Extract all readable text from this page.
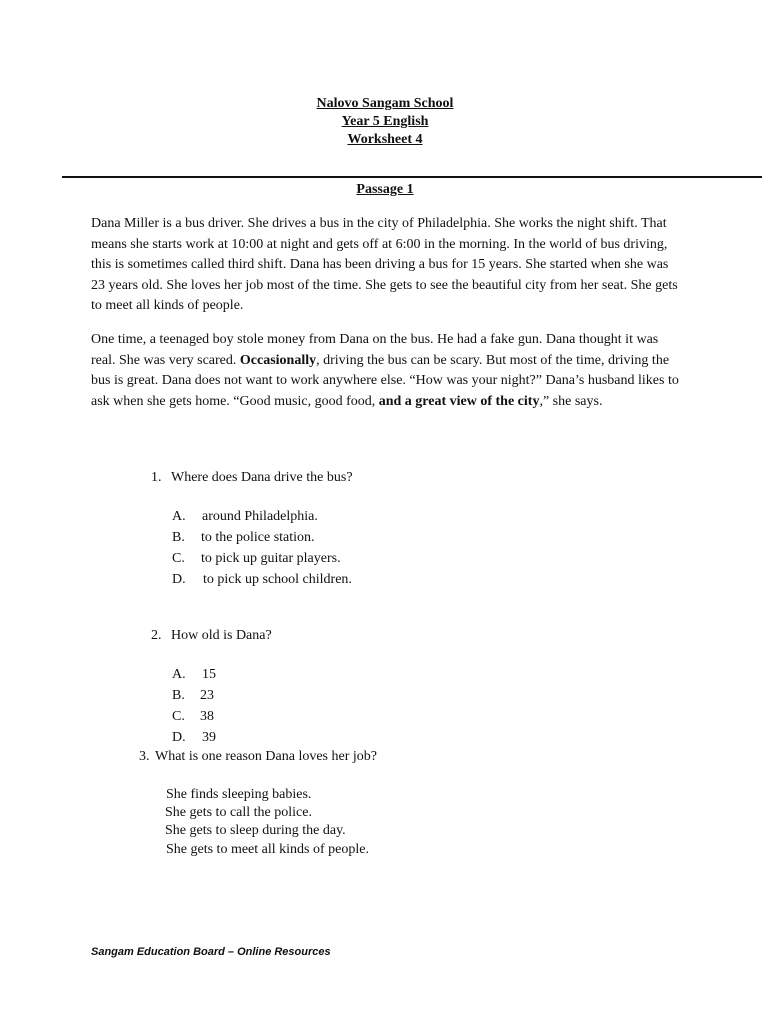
Nalovo Sangam School
Year 5 English
Worksheet 4
Passage 1
Dana Miller is a bus driver. She drives a bus in the city of Philadelphia. She works the night shift. That means she starts work at 10:00 at night and gets off at 6:00 in the morning. In the world of bus driving, this is sometimes called third shift. Dana has been driving a bus for 15 years. She started when she was 23 years old. She loves her job most of the time. She gets to see the beautiful city from her seat. She gets to meet all kinds of people.
One time, a teenaged boy stole money from Dana on the bus. He had a fake gun. Dana thought it was real. She was very scared. Occasionally, driving the bus can be scary. But most of the time, driving the bus is great. Dana does not want to work anywhere else. “How was your night?” Dana’s husband likes to ask when she gets home. “Good music, good food, and a great view of the city,” she says.
1. Where does Dana drive the bus?
A. around Philadelphia.
B. to the police station.
C. to pick up guitar players.
D. to pick up school children.
2. How old is Dana?
A. 15
B. 23
C. 38
D. 39
3. What is one reason Dana loves her job?
She finds sleeping babies.
She gets to call the police.
She gets to sleep during the day.
She gets to meet all kinds of people.
Sangam Education Board – Online Resources
